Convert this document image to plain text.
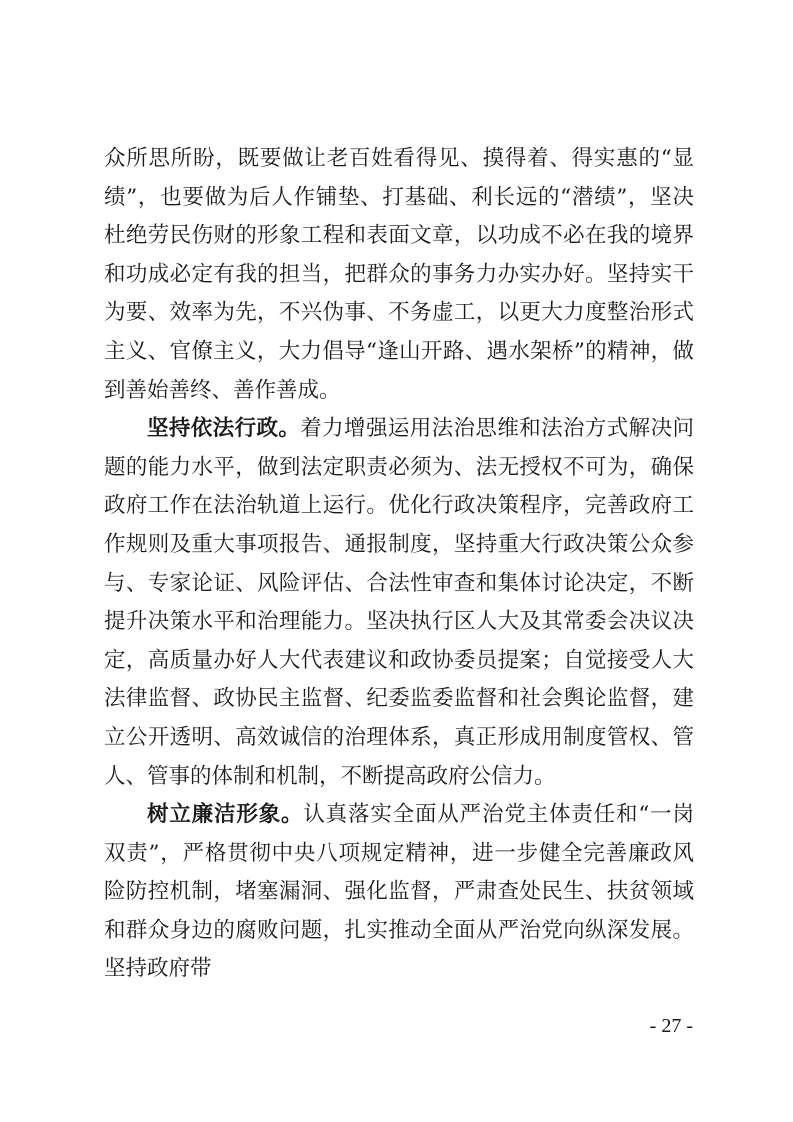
众所思所盼，既要做让老百姓看得见、摸得着、得实惠的“显绩”，也要做为后人作铺垫、打基础、利长远的“潜绩”，坚决杜绝劳民伤财的形象工程和表面文章，以功成不必在我的境界和功成必定有我的担当，把群众的事务力办实办好。坚持实干为要、效率为先，不兴伪事、不务虚工，以更大力度整治形式主义、官僚主义，大力倡导“逢山开路、遇水架桥”的精神，做到善始善终、善作善成。

坚持依法行政。着力增强运用法治思维和法治方式解决问题的能力水平，做到法定职责必须为、法无授权不可为，确保政府工作在法治轨道上运行。优化行政决策程序，完善政府工作规则及重大事项报告、通报制度，坚持重大行政决策公众参与、专家论证、风险评估、合法性审查和集体讨论决定，不断提升决策水平和治理能力。坚决执行区人大及其常委会决议决定，高质量办好人大代表建议和政协委员提案；自觉接受人大法律监督、政协民主监督、纪委监委监督和社会舆论监督，建立公开透明、高效诚信的治理体系，真正形成用制度管权、管人、管事的体制和机制，不断提高政府公信力。

树立廉洁形象。认真落实全面从严治党主体责任和“一岗双责”，严格贯彻中央八项规定精神，进一步健全完善廉政风险防控机制，堵塞漏洞、强化监督，严肃查处民生、扶贫领域和群众身边的腐败问题，扎实推动全面从严治党向纵深发展。坚持政府带

- 27 -
